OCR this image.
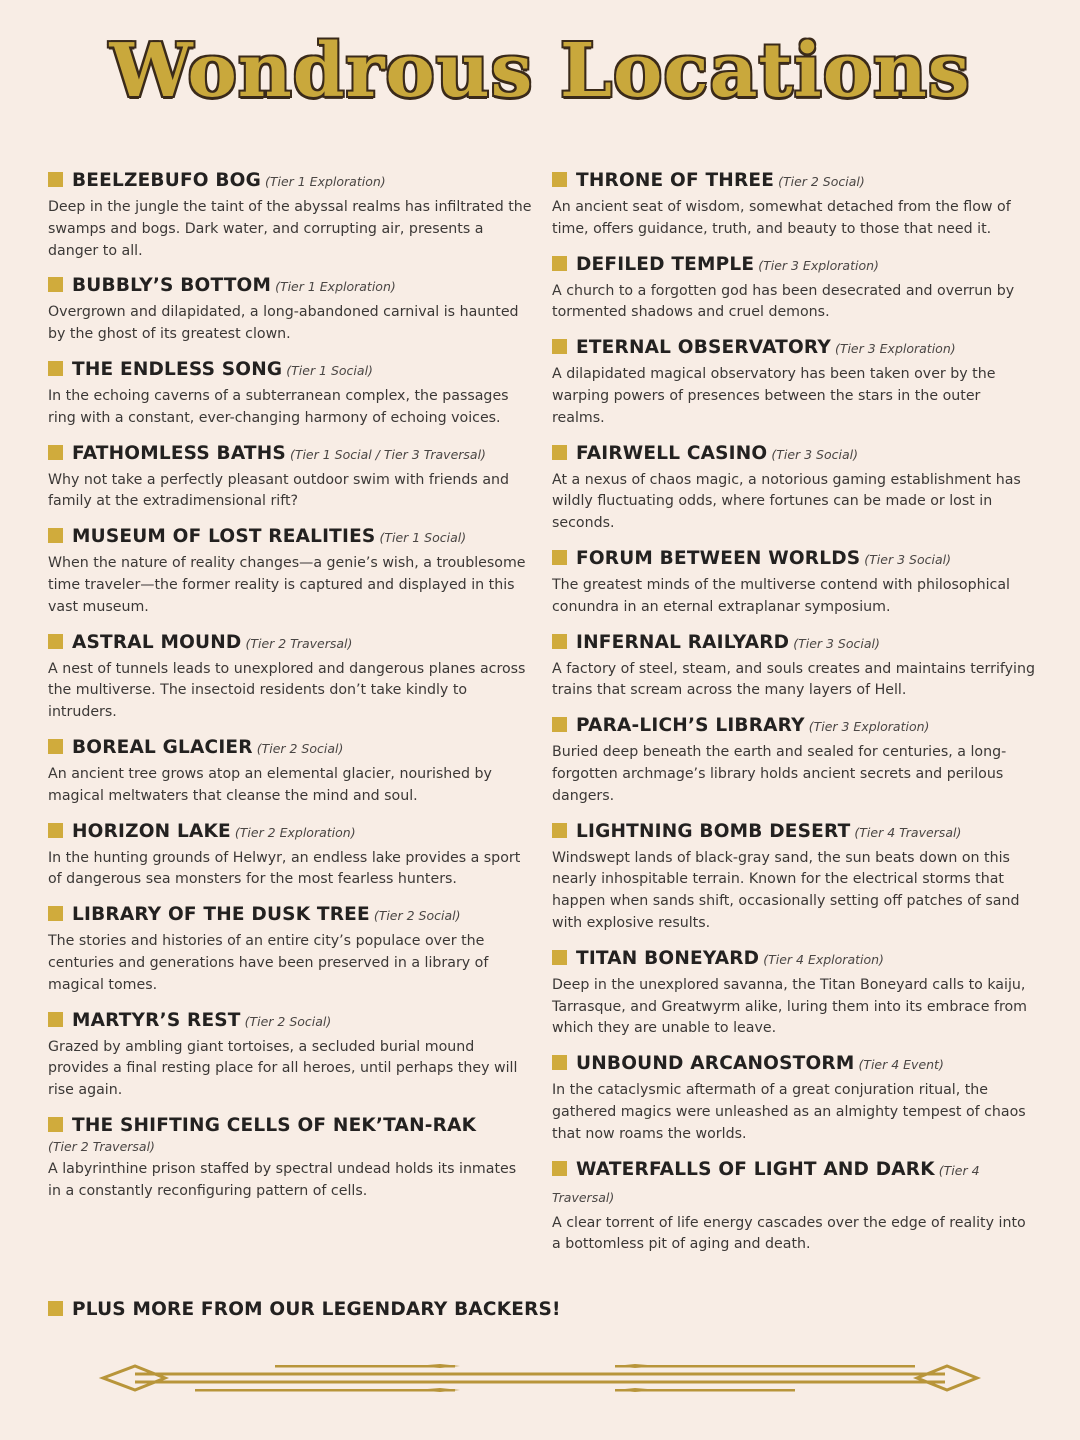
Wondrous Locations
BEELZEBUFO BOG (Tier 1 Exploration)
Deep in the jungle the taint of the abyssal realms has infiltrated the swamps and bogs. Dark water, and corrupting air, presents a danger to all.
BUBBLY’S BOTTOM (Tier 1 Exploration)
Overgrown and dilapidated, a long-abandoned carnival is haunted by the ghost of its greatest clown.
THE ENDLESS SONG (Tier 1 Social)
In the echoing caverns of a subterranean complex, the passages ring with a constant, ever-changing harmony of echoing voices.
FATHOMLESS BATHS (Tier 1 Social / Tier 3 Traversal)
Why not take a perfectly pleasant outdoor swim with friends and family at the extradimensional rift?
MUSEUM OF LOST REALITIES (Tier 1 Social)
When the nature of reality changes—a genie’s wish, a troublesome time traveler—the former reality is captured and displayed in this vast museum.
ASTRAL MOUND (Tier 2 Traversal)
A nest of tunnels leads to unexplored and dangerous planes across the multiverse. The insectoid residents don’t take kindly to intruders.
BOREAL GLACIER (Tier 2 Social)
An ancient tree grows atop an elemental glacier, nourished by magical meltwaters that cleanse the mind and soul.
HORIZON LAKE (Tier 2 Exploration)
In the hunting grounds of Helwyr, an endless lake provides a sport of dangerous sea monsters for the most fearless hunters.
LIBRARY OF THE DUSK TREE (Tier 2 Social)
The stories and histories of an entire city’s populace over the centuries and generations have been preserved in a library of magical tomes.
MARTYR’S REST (Tier 2 Social)
Grazed by ambling giant tortoises, a secluded burial mound provides a final resting place for all heroes, until perhaps they will rise again.
THE SHIFTING CELLS OF NEK’TAN-RAK
(Tier 2 Traversal)
A labyrinthine prison staffed by spectral undead holds its inmates in a constantly reconfiguring pattern of cells.
THRONE OF THREE (Tier 2 Social)
An ancient seat of wisdom, somewhat detached from the flow of time, offers guidance, truth, and beauty to those that need it.
DEFILED TEMPLE (Tier 3 Exploration)
A church to a forgotten god has been desecrated and overrun by tormented shadows and cruel demons.
ETERNAL OBSERVATORY (Tier 3 Exploration)
A dilapidated magical observatory has been taken over by the warping powers of presences between the stars in the outer realms.
FAIRWELL CASINO (Tier 3 Social)
At a nexus of chaos magic, a notorious gaming establishment has wildly fluctuating odds, where fortunes can be made or lost in seconds.
FORUM BETWEEN WORLDS (Tier 3 Social)
The greatest minds of the multiverse contend with philosophical conundra in an eternal extraplanar symposium.
INFERNAL RAILYARD (Tier 3 Social)
A factory of steel, steam, and souls creates and maintains terrifying trains that scream across the many layers of Hell.
PARA-LICH’S LIBRARY (Tier 3 Exploration)
Buried deep beneath the earth and sealed for centuries, a long-forgotten archmage’s library holds ancient secrets and perilous dangers.
LIGHTNING BOMB DESERT (Tier 4 Traversal)
Windswept lands of black-gray sand, the sun beats down on this nearly inhospitable terrain. Known for the electrical storms that happen when sands shift, occasionally setting off patches of sand with explosive results.
TITAN BONEYARD (Tier 4 Exploration)
Deep in the unexplored savanna, the Titan Boneyard calls to kaiju, Tarrasque, and Greatwyrm alike, luring them into its embrace from which they are unable to leave.
UNBOUND ARCANOSTORM (Tier 4 Event)
In the cataclysmic aftermath of a great conjuration ritual, the gathered magics were unleashed as an almighty tempest of chaos that now roams the worlds.
WATERFALLS OF LIGHT AND DARK (Tier 4 Traversal)
A clear torrent of life energy cascades over the edge of reality into a bottomless pit of aging and death.
PLUS MORE FROM OUR LEGENDARY BACKERS!
